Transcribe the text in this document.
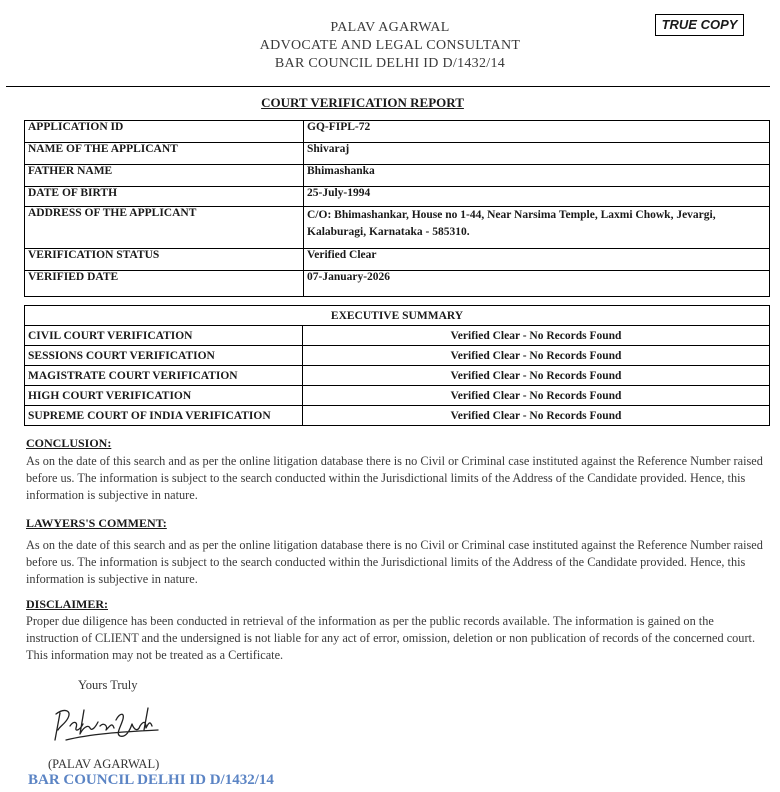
PALAV AGARWAL
ADVOCATE AND LEGAL CONSULTANT
BAR COUNCIL DELHI ID D/1432/14
TRUE COPY
COURT VERIFICATION REPORT
APPLICATION ID	GQ-FIPL-72
NAME OF THE APPLICANT	Shivaraj
FATHER NAME	Bhimashanka
DATE OF BIRTH	25-July-1994
ADDRESS OF THE APPLICANT	C/O: Bhimashankar, House no 1-44, Near Narsima Temple, Laxmi Chowk, Jevargi, Kalaburagi, Karnataka - 585310.
VERIFICATION STATUS	Verified Clear
VERIFIED DATE	07-January-2026
EXECUTIVE SUMMARY	
CIVIL COURT VERIFICATION	Verified Clear - No Records Found
SESSIONS COURT VERIFICATION	Verified Clear - No Records Found
MAGISTRATE COURT VERIFICATION	Verified Clear - No Records Found
HIGH COURT VERIFICATION	Verified Clear - No Records Found
SUPREME COURT OF INDIA VERIFICATION	Verified Clear - No Records Found
CONCLUSION:
As on the date of this search and as per the online litigation database there is no Civil or Criminal case instituted against the Reference Number raised before us. The information is subject to the search conducted within the Jurisdictional limits of the Address of the Candidate provided. Hence, this information is subjective in nature.
LAWYERS'S COMMENT:
As on the date of this search and as per the online litigation database there is no Civil or Criminal case instituted against the Reference Number raised before us. The information is subject to the search conducted within the Jurisdictional limits of the Address of the Candidate provided. Hence, this information is subjective in nature.
DISCLAIMER:
Proper due diligence has been conducted in retrieval of the information as per the public records available. The information is gained on the instruction of CLIENT and the undersigned is not liable for any act of error, omission, deletion or non publication of records of the concerned court. This information may not be treated as a Certificate.
Yours Truly
(PALAV AGARWAL)
BAR COUNCIL DELHI ID D/1432/14
